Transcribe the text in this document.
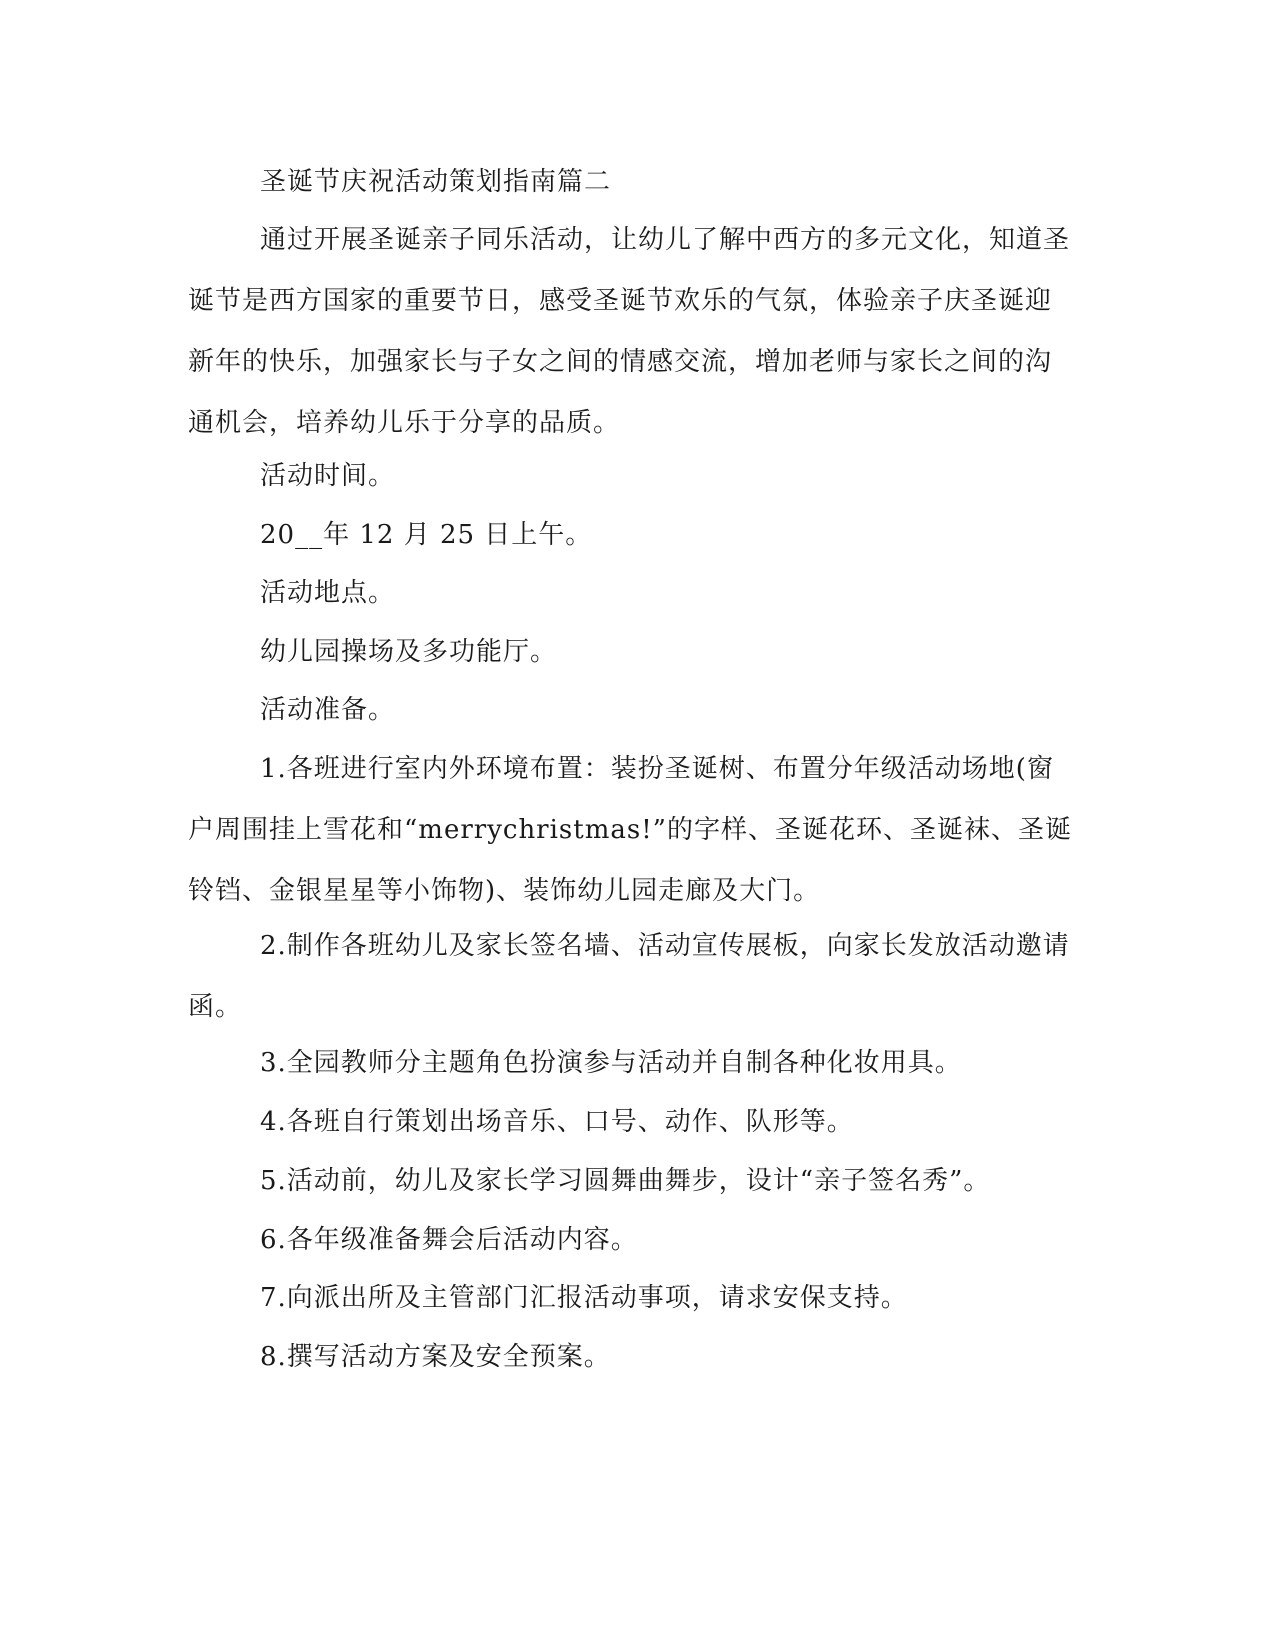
圣诞节庆祝活动策划指南篇二

通过开展圣诞亲子同乐活动，让幼儿了解中西方的多元文化，知道圣诞节是西方国家的重要节日，感受圣诞节欢乐的气氛，体验亲子庆圣诞迎新年的快乐，加强家长与子女之间的情感交流，增加老师与家长之间的沟通机会，培养幼儿乐于分享的品质。

活动时间。

20__年 12 月 25 日上午。

活动地点。

幼儿园操场及多功能厅。

活动准备。

1.各班进行室内外环境布置：装扮圣诞树、布置分年级活动场地(窗户周围挂上雪花和“merrychristmas!”的字样、圣诞花环、圣诞袜、圣诞铃铛、金银星星等小饰物)、装饰幼儿园走廊及大门。

2.制作各班幼儿及家长签名墙、活动宣传展板，向家长发放活动邀请函。

3.全园教师分主题角色扮演参与活动并自制各种化妆用具。

4.各班自行策划出场音乐、口号、动作、队形等。

5.活动前，幼儿及家长学习圆舞曲舞步，设计“亲子签名秀”。

6.各年级准备舞会后活动内容。

7.向派出所及主管部门汇报活动事项，请求安保支持。

8.撰写活动方案及安全预案。
